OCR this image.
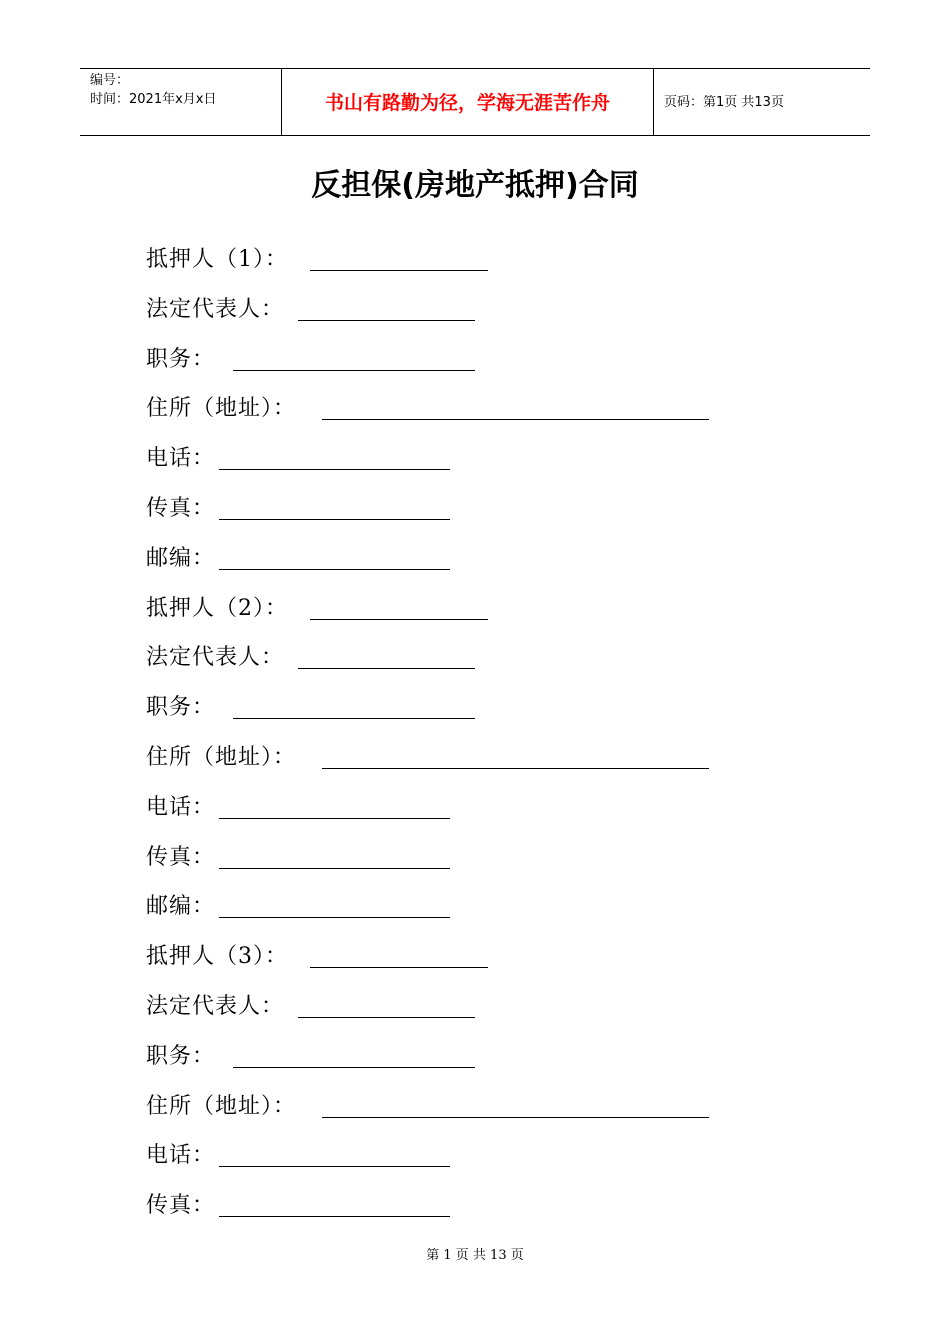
编号：
时间：2021年x月x日	书山有路勤为径，学海无涯苦作舟	页码：第1页 共13页
反担保(房地产抵押)合同
抵押人（1）：
法定代表人：
职务：
住所（地址）：
电话：
传真：
邮编：
抵押人（2）：
法定代表人：
职务：
住所（地址）：
电话：
传真：
邮编：
抵押人（3）：
法定代表人：
职务：
住所（地址）：
电话：
传真：
第 1 页 共 13 页
